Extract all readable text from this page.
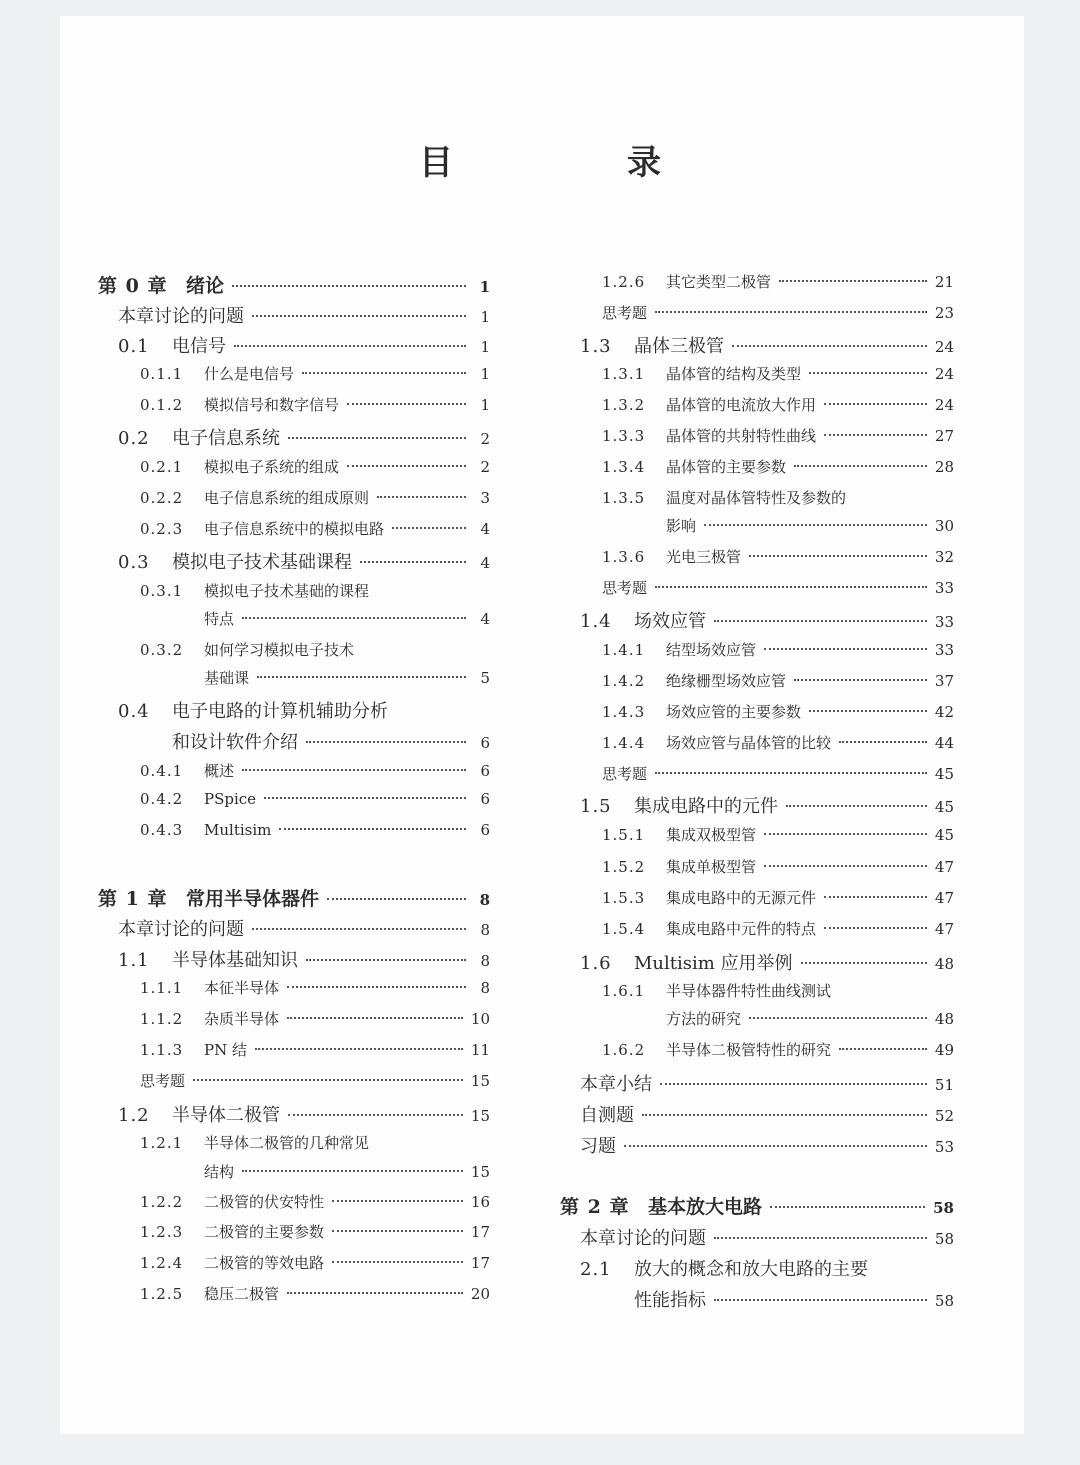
目　录
第 0 章 绪论	1
本章讨论的问题	1
0.1	电信号	1
0.1.1	什么是电信号	1
0.1.2	模拟信号和数字信号	1
0.2	电子信息系统	2
0.2.1	模拟电子系统的组成	2
0.2.2	电子信息系统的组成原则	3
0.2.3	电子信息系统中的模拟电路	4
0.3	模拟电子技术基础课程	4
0.3.1	模拟电子技术基础的课程
特点	4
0.3.2	如何学习模拟电子技术
基础课	5
0.4	电子电路的计算机辅助分析
和设计软件介绍	6
0.4.1	概述	6
0.4.2	PSpice	6
0.4.3	Multisim	6
第 1 章 常用半导体器件	8
本章讨论的问题	8
1.1	半导体基础知识	8
1.1.1	本征半导体	8
1.1.2	杂质半导体	10
1.1.3	PN 结	11
思考题	15
1.2	半导体二极管	15
1.2.1	半导体二极管的几种常见
结构	15
1.2.2	二极管的伏安特性	16
1.2.3	二极管的主要参数	17
1.2.4	二极管的等效电路	17
1.2.5	稳压二极管	20
1.2.6	其它类型二极管	21
思考题	23
1.3	晶体三极管	24
1.3.1	晶体管的结构及类型	24
1.3.2	晶体管的电流放大作用	24
1.3.3	晶体管的共射特性曲线	27
1.3.4	晶体管的主要参数	28
1.3.5	温度对晶体管特性及参数的
影响	30
1.3.6	光电三极管	32
思考题	33
1.4	场效应管	33
1.4.1	结型场效应管	33
1.4.2	绝缘栅型场效应管	37
1.4.3	场效应管的主要参数	42
1.4.4	场效应管与晶体管的比较	44
思考题	45
1.5	集成电路中的元件	45
1.5.1	集成双极型管	45
1.5.2	集成单极型管	47
1.5.3	集成电路中的无源元件	47
1.5.4	集成电路中元件的特点	47
1.6	Multisim 应用举例	48
1.6.1	半导体器件特性曲线测试
方法的研究	48
1.6.2	半导体二极管特性的研究	49
本章小结	51
自测题	52
习题	53
第 2 章 基本放大电路	58
本章讨论的问题	58
2.1	放大的概念和放大电路的主要
性能指标	58
